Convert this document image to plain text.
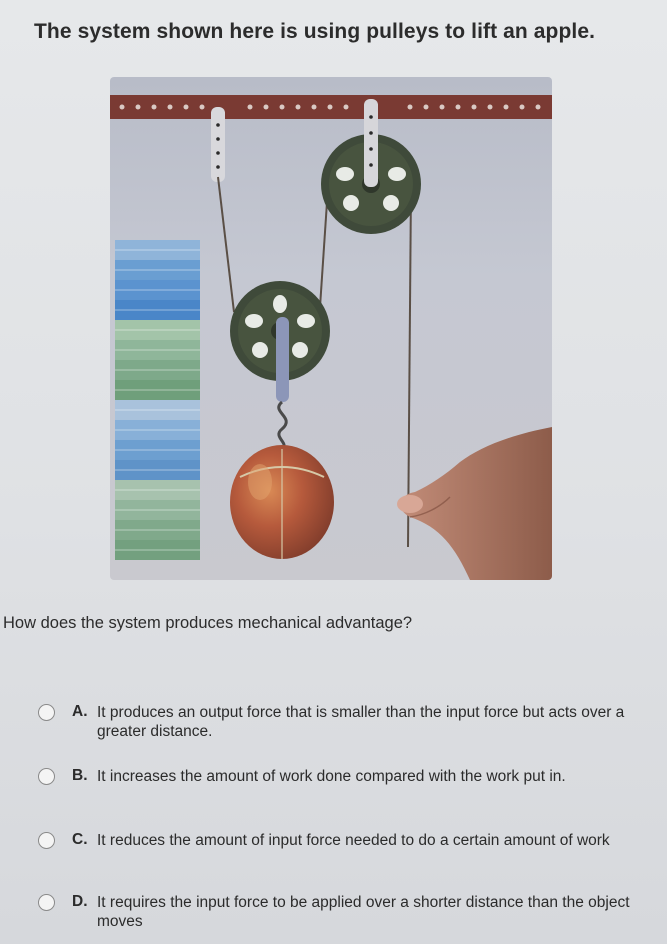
The system shown here is using pulleys to lift an apple.
How does the system produces mechanical advantage?
A. It produces an output force that is smaller than the input force but acts over a greater distance.
B. It increases the amount of work done compared with the work put in.
C. It reduces the amount of input force needed to do a certain amount of work
D. It requires the input force to be applied over a shorter distance than the object moves
